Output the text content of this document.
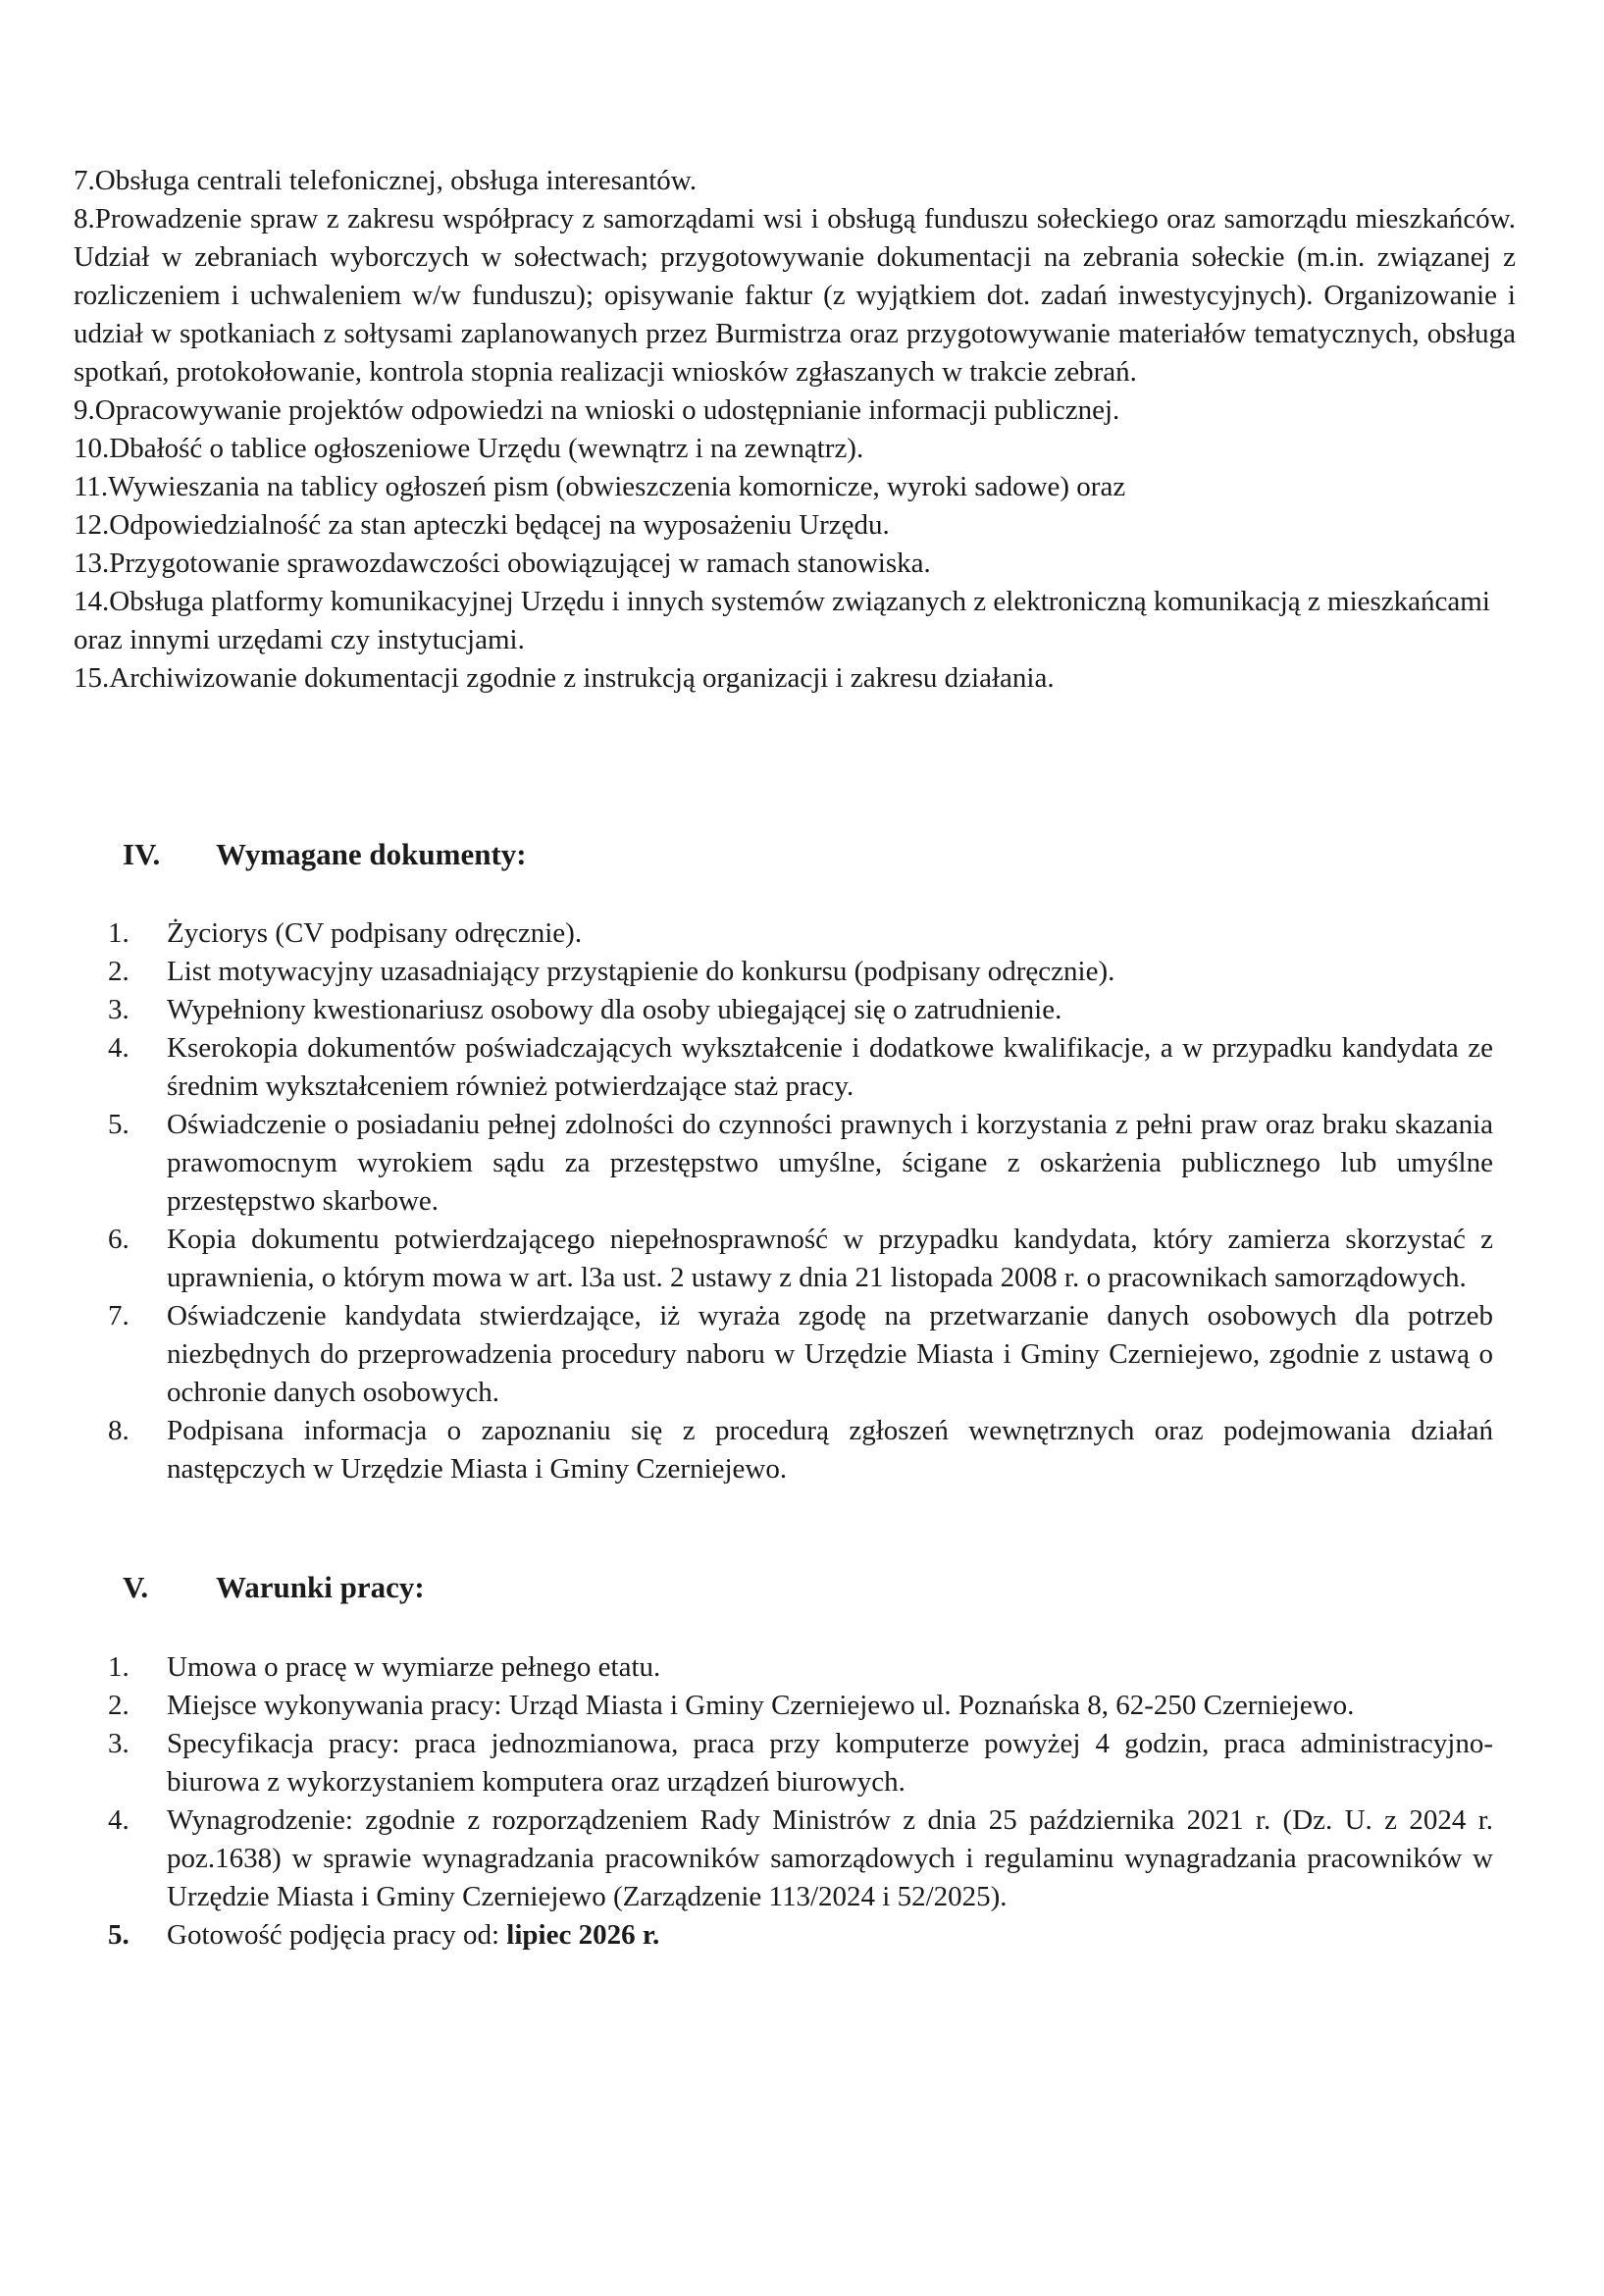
7.Obsługa centrali telefonicznej, obsługa interesantów.

8.Prowadzenie spraw z zakresu współpracy z samorządami wsi i obsługą funduszu sołeckiego oraz samorządu mieszkańców. Udział w zebraniach wyborczych w sołectwach; przygotowywanie dokumentacji na zebrania sołeckie (m.in. związanej z rozliczeniem i uchwaleniem w/w funduszu); opisywanie faktur (z wyjątkiem dot. zadań inwestycyjnych). Organizowanie i udział w spotkaniach z sołtysami zaplanowanych przez Burmistrza oraz przygotowywanie materiałów tematycznych, obsługa spotkań, protokołowanie, kontrola stopnia realizacji wniosków zgłaszanych w trakcie zebrań.

9.Opracowywanie projektów odpowiedzi na wnioski o udostępnianie informacji publicznej.

10.Dbałość o tablice ogłoszeniowe Urzędu (wewnątrz i na zewnątrz).

11.Wywieszania na tablicy ogłoszeń pism (obwieszczenia komornicze, wyroki sadowe) oraz

12.Odpowiedzialność za stan apteczki będącej na wyposażeniu Urzędu.

13.Przygotowanie sprawozdawczości obowiązującej w ramach stanowiska.

14.Obsługa platformy komunikacyjnej Urzędu i innych systemów związanych z elektroniczną komunikacją z mieszkańcami oraz innymi urzędami czy instytucjami.

15.Archiwizowanie dokumentacji zgodnie z instrukcją organizacji i zakresu działania.

IV. Wymagane dokumenty:
1.	Życiorys (CV podpisany odręcznie).
2.	List motywacyjny uzasadniający przystąpienie do konkursu (podpisany odręcznie).
3.	Wypełniony kwestionariusz osobowy dla osoby ubiegającej się o zatrudnienie.
4.	Kserokopia dokumentów poświadczających wykształcenie i dodatkowe kwalifikacje, a w przypadku kandydata ze średnim wykształceniem również potwierdzające staż pracy.
5.	Oświadczenie o posiadaniu pełnej zdolności do czynności prawnych i korzystania z pełni praw oraz braku skazania prawomocnym wyrokiem sądu za przestępstwo umyślne, ścigane z oskarżenia publicznego lub umyślne przestępstwo skarbowe.
6.	Kopia dokumentu potwierdzającego niepełnosprawność w przypadku kandydata, który zamierza skorzystać z uprawnienia, o którym mowa w art. l3a ust. 2 ustawy z dnia 21 listopada 2008 r. o pracownikach samorządowych.
7.	Oświadczenie kandydata stwierdzające, iż wyraża zgodę na przetwarzanie danych osobowych dla potrzeb niezbędnych do przeprowadzenia procedury naboru w Urzędzie Miasta i Gminy Czerniejewo, zgodnie z ustawą o ochronie danych osobowych.
8.	Podpisana informacja o zapoznaniu się z procedurą zgłoszeń wewnętrznych oraz podejmowania działań następczych w Urzędzie Miasta i Gminy Czerniejewo.
V. Warunki pracy:
1.	Umowa o pracę w wymiarze pełnego etatu.
2.	Miejsce wykonywania pracy: Urząd Miasta i Gminy Czerniejewo ul. Poznańska 8, 62-250 Czerniejewo.
3.	Specyfikacja pracy: praca jednozmianowa, praca przy komputerze powyżej 4 godzin, praca administracyjno-biurowa z wykorzystaniem komputera oraz urządzeń biurowych.
4.	Wynagrodzenie: zgodnie z rozporządzeniem Rady Ministrów z dnia 25 października 2021 r. (Dz. U. z 2024 r. poz.1638) w sprawie wynagradzania pracowników samorządowych i regulaminu wynagradzania pracowników w Urzędzie Miasta i Gminy Czerniejewo (Zarządzenie 113/2024 i 52/2025).
5.	Gotowość podjęcia pracy od: lipiec 2026 r.
